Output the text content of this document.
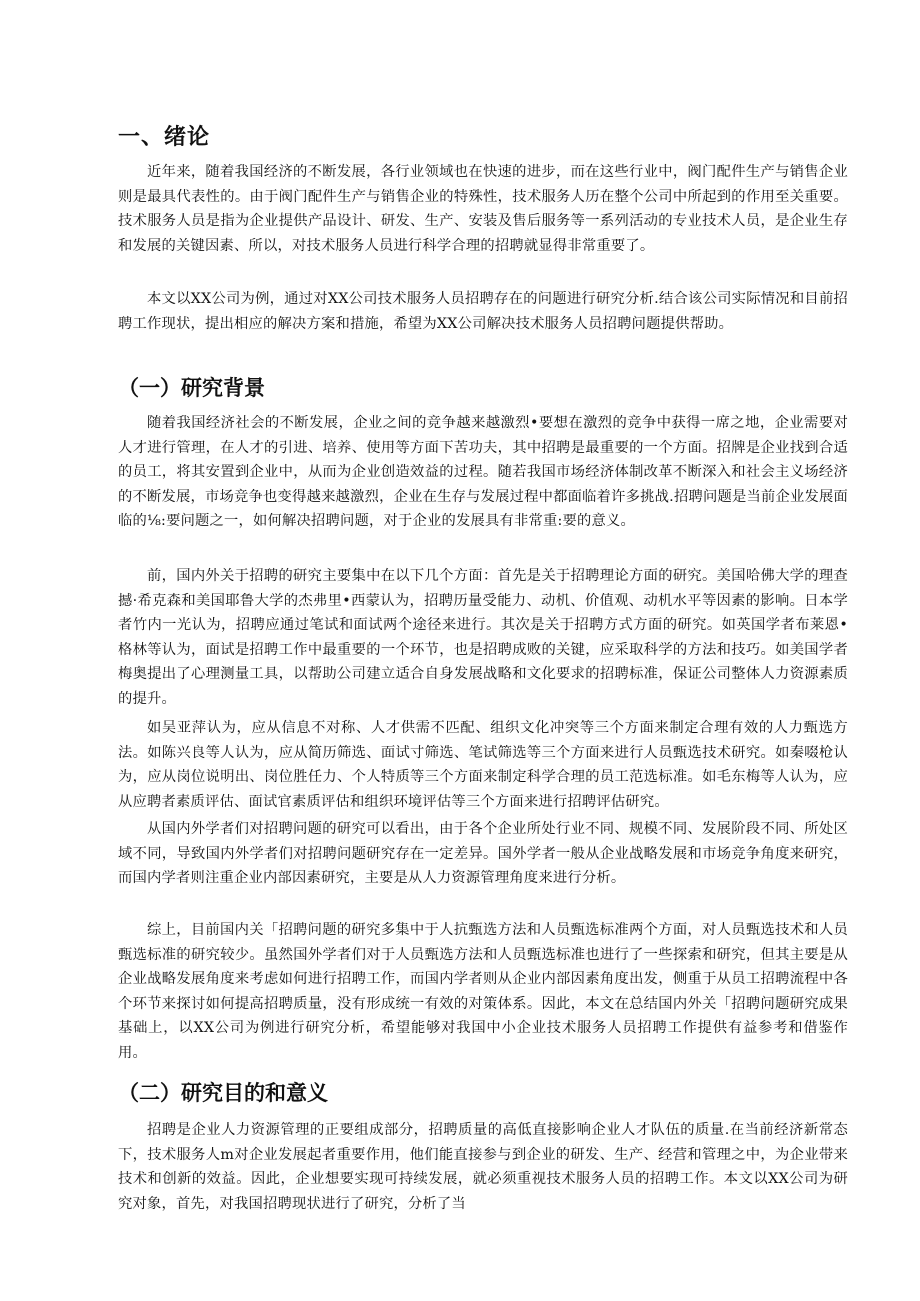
一、绪论

近年来，随着我国经济的不断发展，各行业领域也在快速的进步，而在这些行业中，阀门配件生产与销售企业则是最具代表性的。由于阀门配件生产与销售企业的特殊性，技术服务人历在整个公司中所起到的作用至关重要。技术服务人员是指为企业提供产品设计、研发、生产、安装及售后服务等一系列活动的专业技术人员，是企业生存和发展的关键因素、所以，对技术服务人员进行科学合理的招聘就显得非常重要了。

本文以XX公司为例，通过对XX公司技术服务人员招聘存在的问题进行研究分析.结合该公司实际情况和目前招聘工作现状，提出相应的解决方案和措施，希望为XX公司解决技术服务人员招聘问题提供帮助。

（一）研究背景

随着我国经济社会的不断发展，企业之间的竞争越来越激烈•要想在激烈的竞争中获得一席之地，企业需要对人才进行管理，在人才的引进、培养、使用等方面下苦功夫，其中招聘是最重要的一个方面。招牌是企业找到合适的员工，将其安置到企业中，从而为企业创造效益的过程。随若我国市场经济体制改革不断深入和社会主义场经济的不断发展，市场竞争也变得越来越激烈，企业在生存与发展过程中都面临着许多挑战.招聘问题是当前企业发展面临的⅛:要问题之一，如何解决招聘问题，对于企业的发展具有非常重:要的意义。

前，国内外关于招聘的研究主要集中在以下几个方面：首先是关于招聘理论方面的研究。美国哈佛大学的理查撼·希克森和美国耶鲁大学的杰弗里•西蒙认为，招聘历量受能力、动机、价值观、动机水平等因素的影响。日本学者竹内一光认为，招聘应通过笔试和面试两个途径来进行。其次是关于招聘方式方面的研究。如英国学者布莱恩•格林等认为，面试是招聘工作中最重要的一个环节，也是招聘成败的关键，应采取科学的方法和技巧。如美国学者梅奥提出了心理测量工具，以帮助公司建立适合自身发展战略和文化要求的招聘标准，保证公司整体人力资源素质的提升。

如吴亚萍认为，应从信息不对称、人才供需不匹配、组织文化冲突等三个方面来制定合理有效的人力甄选方法。如陈兴良等人认为，应从简历筛选、面试寸筛选、笔试筛选等三个方面来进行人员甄选技术研究。如秦啜枪认为，应从岗位说明出、岗位胜任力、个人特质等三个方面来制定科学合理的员工范选标准。如毛东梅等人认为，应从应聘者素质评估、面试官素质评估和组织环境评估等三个方面来进行招聘评估研究。

从国内外学者们对招聘问题的研究可以看出，由于各个企业所处行业不同、规模不同、发展阶段不同、所处区域不同，导致国内外学者们对招聘问题研究存在一定差异。国外学者一般从企业战略发展和市场竞争角度来研究，而国内学者则注重企业内部因素研究，主要是从人力资源管理角度来进行分析。

综上，目前国内关「招聘问题的研究多集中于人抗甄选方法和人员甄选标准两个方面，对人员甄选技术和人员甄选标准的研究较少。虽然国外学者们对于人员甄选方法和人员甄选标准也进行了一些探索和研究，但其主要是从企业战略发展角度来考虑如何进行招聘工作，而国内学者则从企业内部因素角度出发，侧重于从员工招聘流程中各个环节来探讨如何提高招聘质量，没有形成统一有效的对策体系。因此，本文在总结国内外关「招聘问题研究成果基础上，以XX公司为例进行研究分析，希望能够对我国中小企业技术服务人员招聘工作提供有益参考和借鉴作用。

（二）研究目的和意义

招聘是企业人力资源管理的正要组成部分，招聘质量的高低直接影响企业人才队伍的质量.在当前经济新常态下，技术服务人m对企业发展起者重要作用，他们能直接参与到企业的研发、生产、经营和管理之中，为企业带来技术和创新的效益。因此，企业想要实现可持续发展，就必须重视技术服务人员的招聘工作。本文以XX公司为研究对象，首先，对我国招聘现状进行了研究，分析了当
